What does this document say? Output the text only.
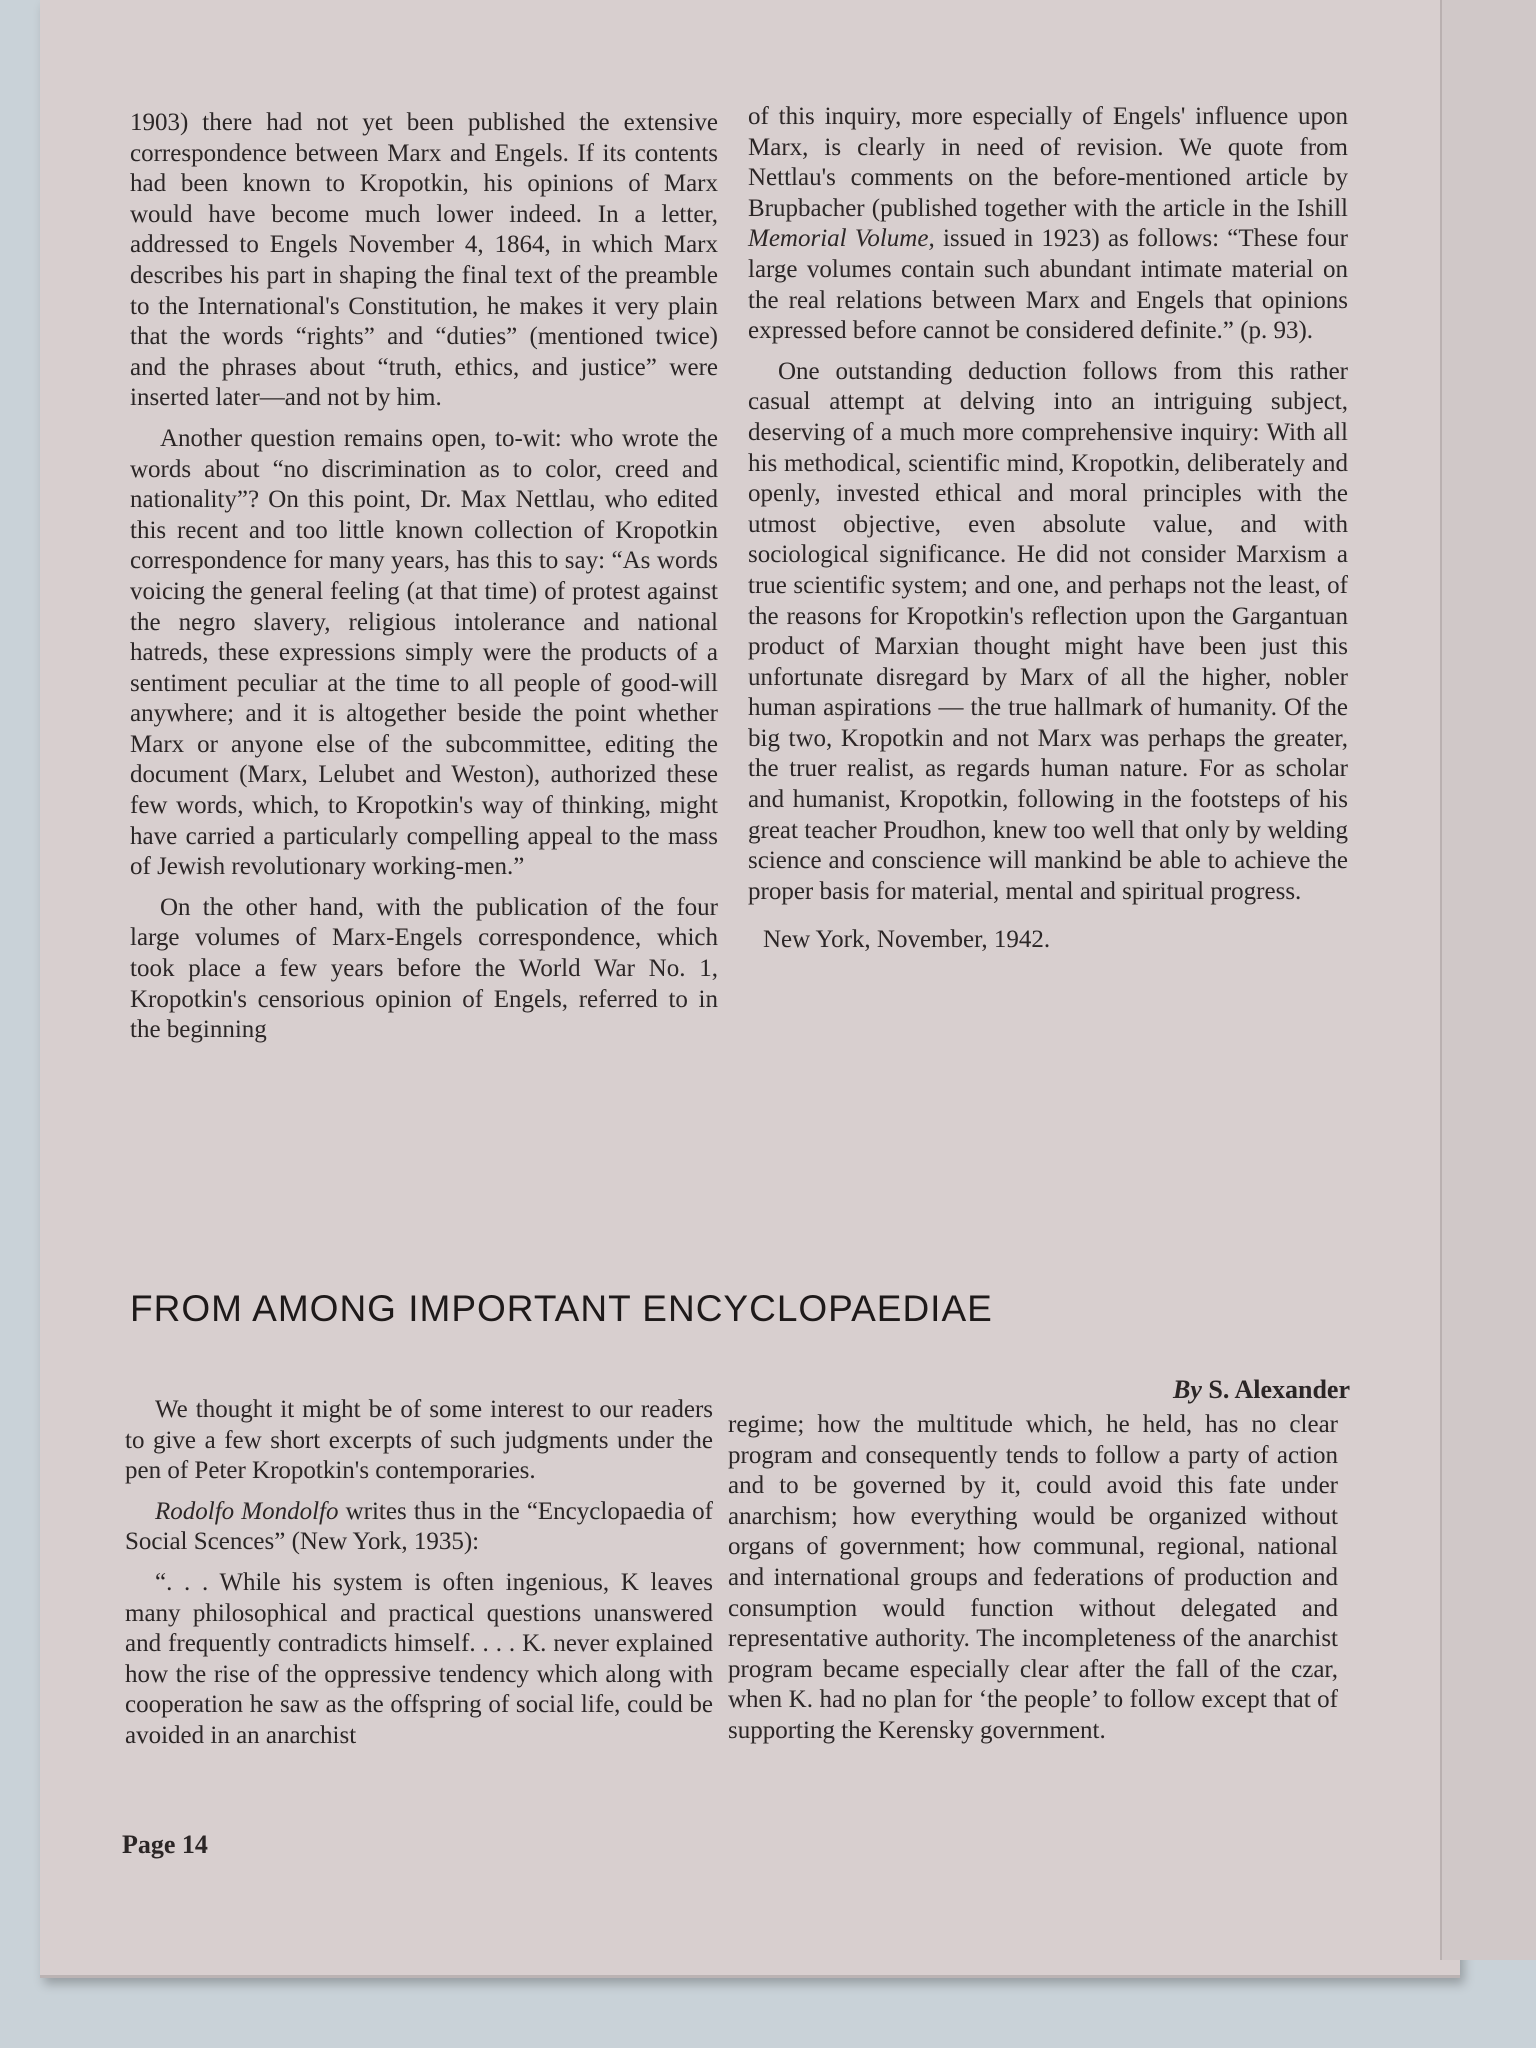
1903) there had not yet been published the extensive correspondence between Marx and Engels. If its contents had been known to Kropotkin, his opinions of Marx would have become much lower indeed. In a letter, addressed to Engels November 4, 1864, in which Marx describes his part in shaping the final text of the preamble to the International's Constitution, he makes it very plain that the words “rights” and “duties” (mentioned twice) and the phrases about “truth, ethics, and justice” were inserted later—and not by him.

Another question remains open, to-wit: who wrote the words about “no discrimination as to color, creed and nationality”? On this point, Dr. Max Nettlau, who edited this recent and too little known collection of Kropotkin correspondence for many years, has this to say: “As words voicing the general feeling (at that time) of protest against the negro slavery, religious intolerance and national hatreds, these expressions simply were the products of a sentiment peculiar at the time to all people of good-will anywhere; and it is altogether beside the point whether Marx or anyone else of the subcommittee, editing the document (Marx, Lelubet and Weston), authorized these few words, which, to Kropotkin's way of thinking, might have carried a particularly compelling appeal to the mass of Jewish revolutionary working-men.”

On the other hand, with the publication of the four large volumes of Marx-Engels correspondence, which took place a few years before the World War No. 1, Kropotkin's censorious opinion of Engels, referred to in the beginning

of this inquiry, more especially of Engels' influence upon Marx, is clearly in need of revision. We quote from Nettlau's comments on the before-mentioned article by Brupbacher (published together with the article in the Ishill Memorial Volume, issued in 1923) as follows: “These four large volumes contain such abundant intimate material on the real relations between Marx and Engels that opinions expressed before cannot be considered definite.” (p. 93).

One outstanding deduction follows from this rather casual attempt at delving into an intriguing subject, deserving of a much more comprehensive inquiry: With all his methodical, scientific mind, Kropotkin, deliberately and openly, invested ethical and moral principles with the utmost objective, even absolute value, and with sociological significance. He did not consider Marxism a true scientific system; and one, and perhaps not the least, of the reasons for Kropotkin's reflection upon the Gargantuan product of Marxian thought might have been just this unfortunate disregard by Marx of all the higher, nobler human aspirations — the true hallmark of humanity. Of the big two, Kropotkin and not Marx was perhaps the greater, the truer realist, as regards human nature. For as scholar and humanist, Kropotkin, following in the footsteps of his great teacher Proudhon, knew too well that only by welding science and conscience will mankind be able to achieve the proper basis for material, mental and spiritual progress.

New York, November, 1942.

FROM AMONG IMPORTANT ENCYCLOPAEDIAE
By S. Alexander

We thought it might be of some interest to our readers to give a few short excerpts of such judgments under the pen of Peter Kropotkin's contemporaries.

Rodolfo Mondolfo writes thus in the “Encyclopaedia of Social Scences” (New York, 1935):

“. . . While his system is often ingenious, K leaves many philosophical and practical questions unanswered and frequently contradicts himself. . . . K. never explained how the rise of the oppressive tendency which along with cooperation he saw as the offspring of social life, could be avoided in an anarchist

regime; how the multitude which, he held, has no clear program and consequently tends to follow a party of action and to be governed by it, could avoid this fate under anarchism; how everything would be organized without organs of government; how communal, regional, national and international groups and federations of production and consumption would function without delegated and representative authority. The incompleteness of the anarchist program became especially clear after the fall of the czar, when K. had no plan for ‘the people’ to follow except that of supporting the Kerensky government.

Page 14
